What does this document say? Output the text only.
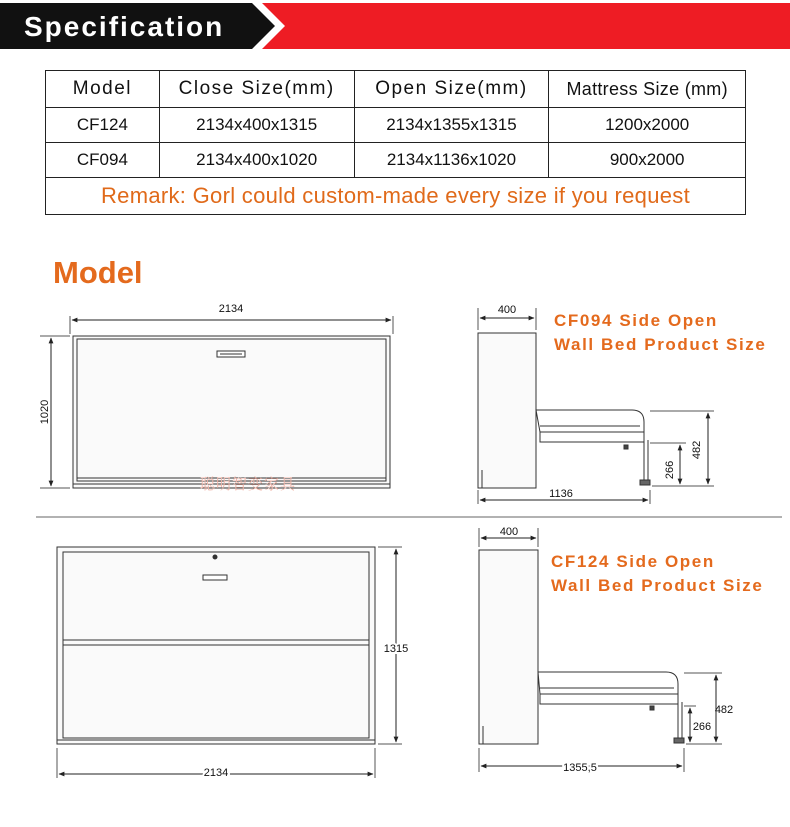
Specification
Model	Close Size(mm)	Open Size(mm)	Mattress Size (mm)
CF124	2134x400x1315	2134x1355x1315	1200x2000
CF094	2134x400x1020	2134x1136x1020	900x2000
Remark: Gorl could custom-made every size if you request			
Model
2134
1020
400
1136
482
266
1315
2134
400
1355,5
482
266
CF094 Side Open
Wall Bed Product Size
CF124 Side Open
Wall Bed Product Size
聪明智变家具
